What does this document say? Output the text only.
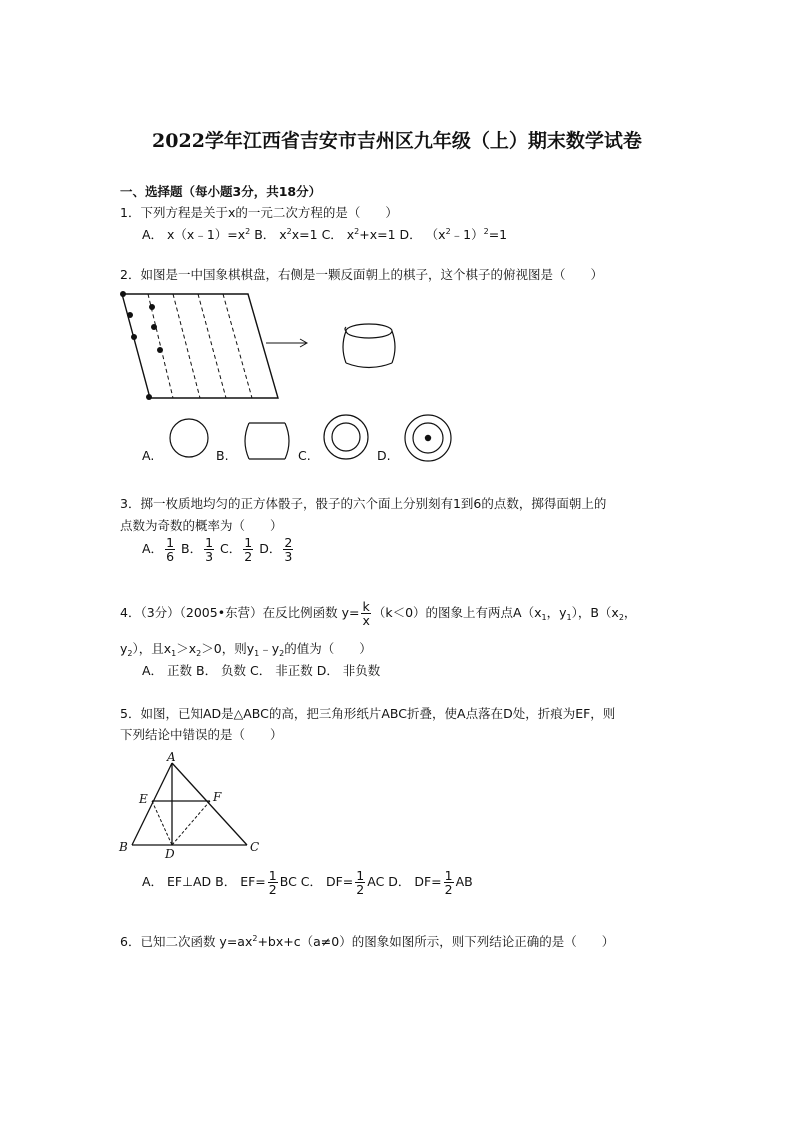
2022学年江西省吉安市吉州区九年级（上）期末数学试卷
一、选择题（每小题3分，共18分）
1．下列方程是关于x的一元二次方程的是（　　）
A． $x(x﹣1)=x^2$ B． $x^2x=1$ C． $x^2+x=1$ D． $(x^2﹣1)^2=1$
2．如图是一中国象棋棋盘，右侧是一颗反面朝上的棋子，这个棋子的俯视图是（　　）
A
B	C
D
E	F
A.	B.	C.	D.
3．掷一枚质地均匀的正方体骰子，骰子的六个面上分别刻有1到6的点数，掷得面朝上的
点数为奇数的概率为（　　）
A． $\frac{1}{6}$ B． $\frac{1}{3}$ C． $\frac{1}{2}$ D． $\frac{2}{3}$
4．（3分）（2005•东营）在反比例函数 $y= \frac{k}{x} (k<0)$的图象上有两点$A(x_1$，$y_1$），$B(x_2$，
$y_2$），且$x_1>x_2>0$，则$y_1﹣y_2$的值为（　　）
A． 正数 B． 负数 C． 非正数 D． 非负数
5．如图，已知AD是△ABC的高，把三角形纸片ABC折叠，使A点落在D处，折痕为EF，则
下列结论中错误的是（　　）
A． EF⊥AD B． $EF= \frac{1}{2}$ BC C． $DF= \frac{1}{2}$ AC D． $DF= \frac{1}{2}$ AB
6．已知二次函数 $y=ax^2+bx+c(a\ne 0)$的图象如图所示，则下列结论正确的是（　　）
